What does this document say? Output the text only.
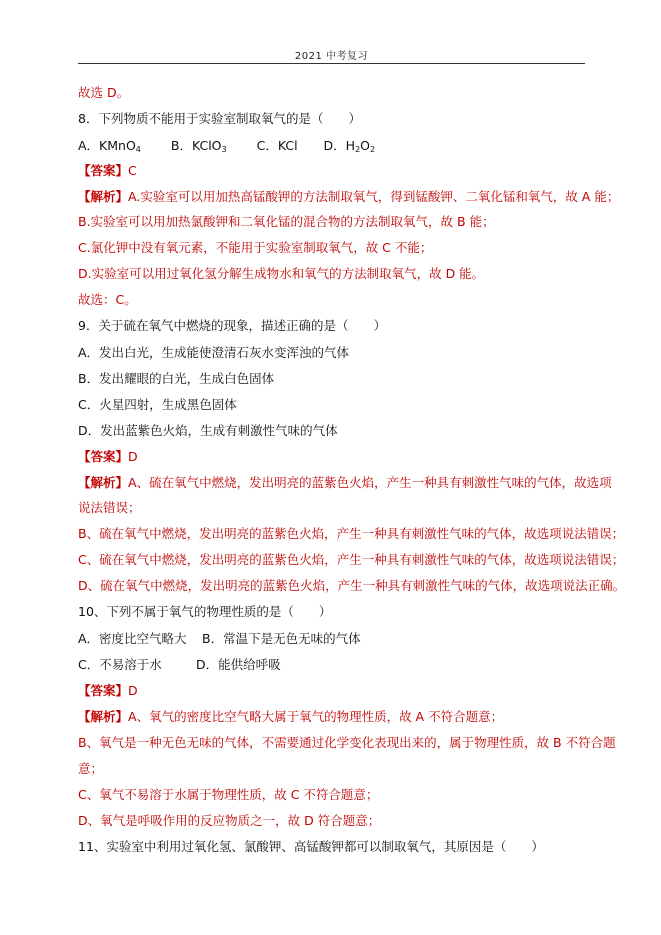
2021 中考复习
故选 D。
8．下列物质不能用于实验室制取氧气的是（　　）
A．KMnO$_4$ B．KClO$_3$ C．KCl D．$H_2O_2$
【答案】C
【解析】A.实验室可以用加热高锰酸钾的方法制取氧气，得到锰酸钾、二氧化锰和氧气，故 A 能；
B.实验室可以用加热氯酸钾和二氧化锰的混合物的方法制取氧气，故 B 能；
C.氯化钾中没有氧元素，不能用于实验室制取氧气，故 C 不能；
D.实验室可以用过氧化氢分解生成物水和氧气的方法制取氧气，故 D 能。
故选：C。
9．关于硫在氧气中燃烧的现象，描述正确的是（　　）
A．发出白光，生成能使澄清石灰水变浑浊的气体
B．发出耀眼的白光，生成白色固体
C．火星四射，生成黑色固体
D．发出蓝紫色火焰，生成有刺激性气味的气体
【答案】D
【解析】A、硫在氧气中燃烧，发出明亮的蓝紫色火焰，产生一种具有刺激性气味的气体，故选项
说法错误；
B、硫在氧气中燃烧，发出明亮的蓝紫色火焰，产生一种具有刺激性气味的气体，故选项说法错误；
C、硫在氧气中燃烧，发出明亮的蓝紫色火焰，产生一种具有刺激性气味的气体，故选项说法错误；
D、硫在氧气中燃烧，发出明亮的蓝紫色火焰，产生一种具有刺激性气味的气体，故选项说法正确。
10、下列不属于氧气的物理性质的是（　　）
A．密度比空气略大 B．常温下是无色无味的气体
C．不易溶于水	D．能供给呼吸
【答案】D
【解析】A、氧气的密度比空气略大属于氧气的物理性质，故 A 不符合题意；
B、氧气是一种无色无味的气体，不需要通过化学变化表现出来的，属于物理性质，故 B 不符合题
意；
C、氧气不易溶于水属于物理性质，故 C 不符合题意；
D、氧气是呼吸作用的反应物质之一，故 D 符合题意；
11、实验室中利用过氧化氢、氯酸钾、高锰酸钾都可以制取氧气，其原因是（　　）
